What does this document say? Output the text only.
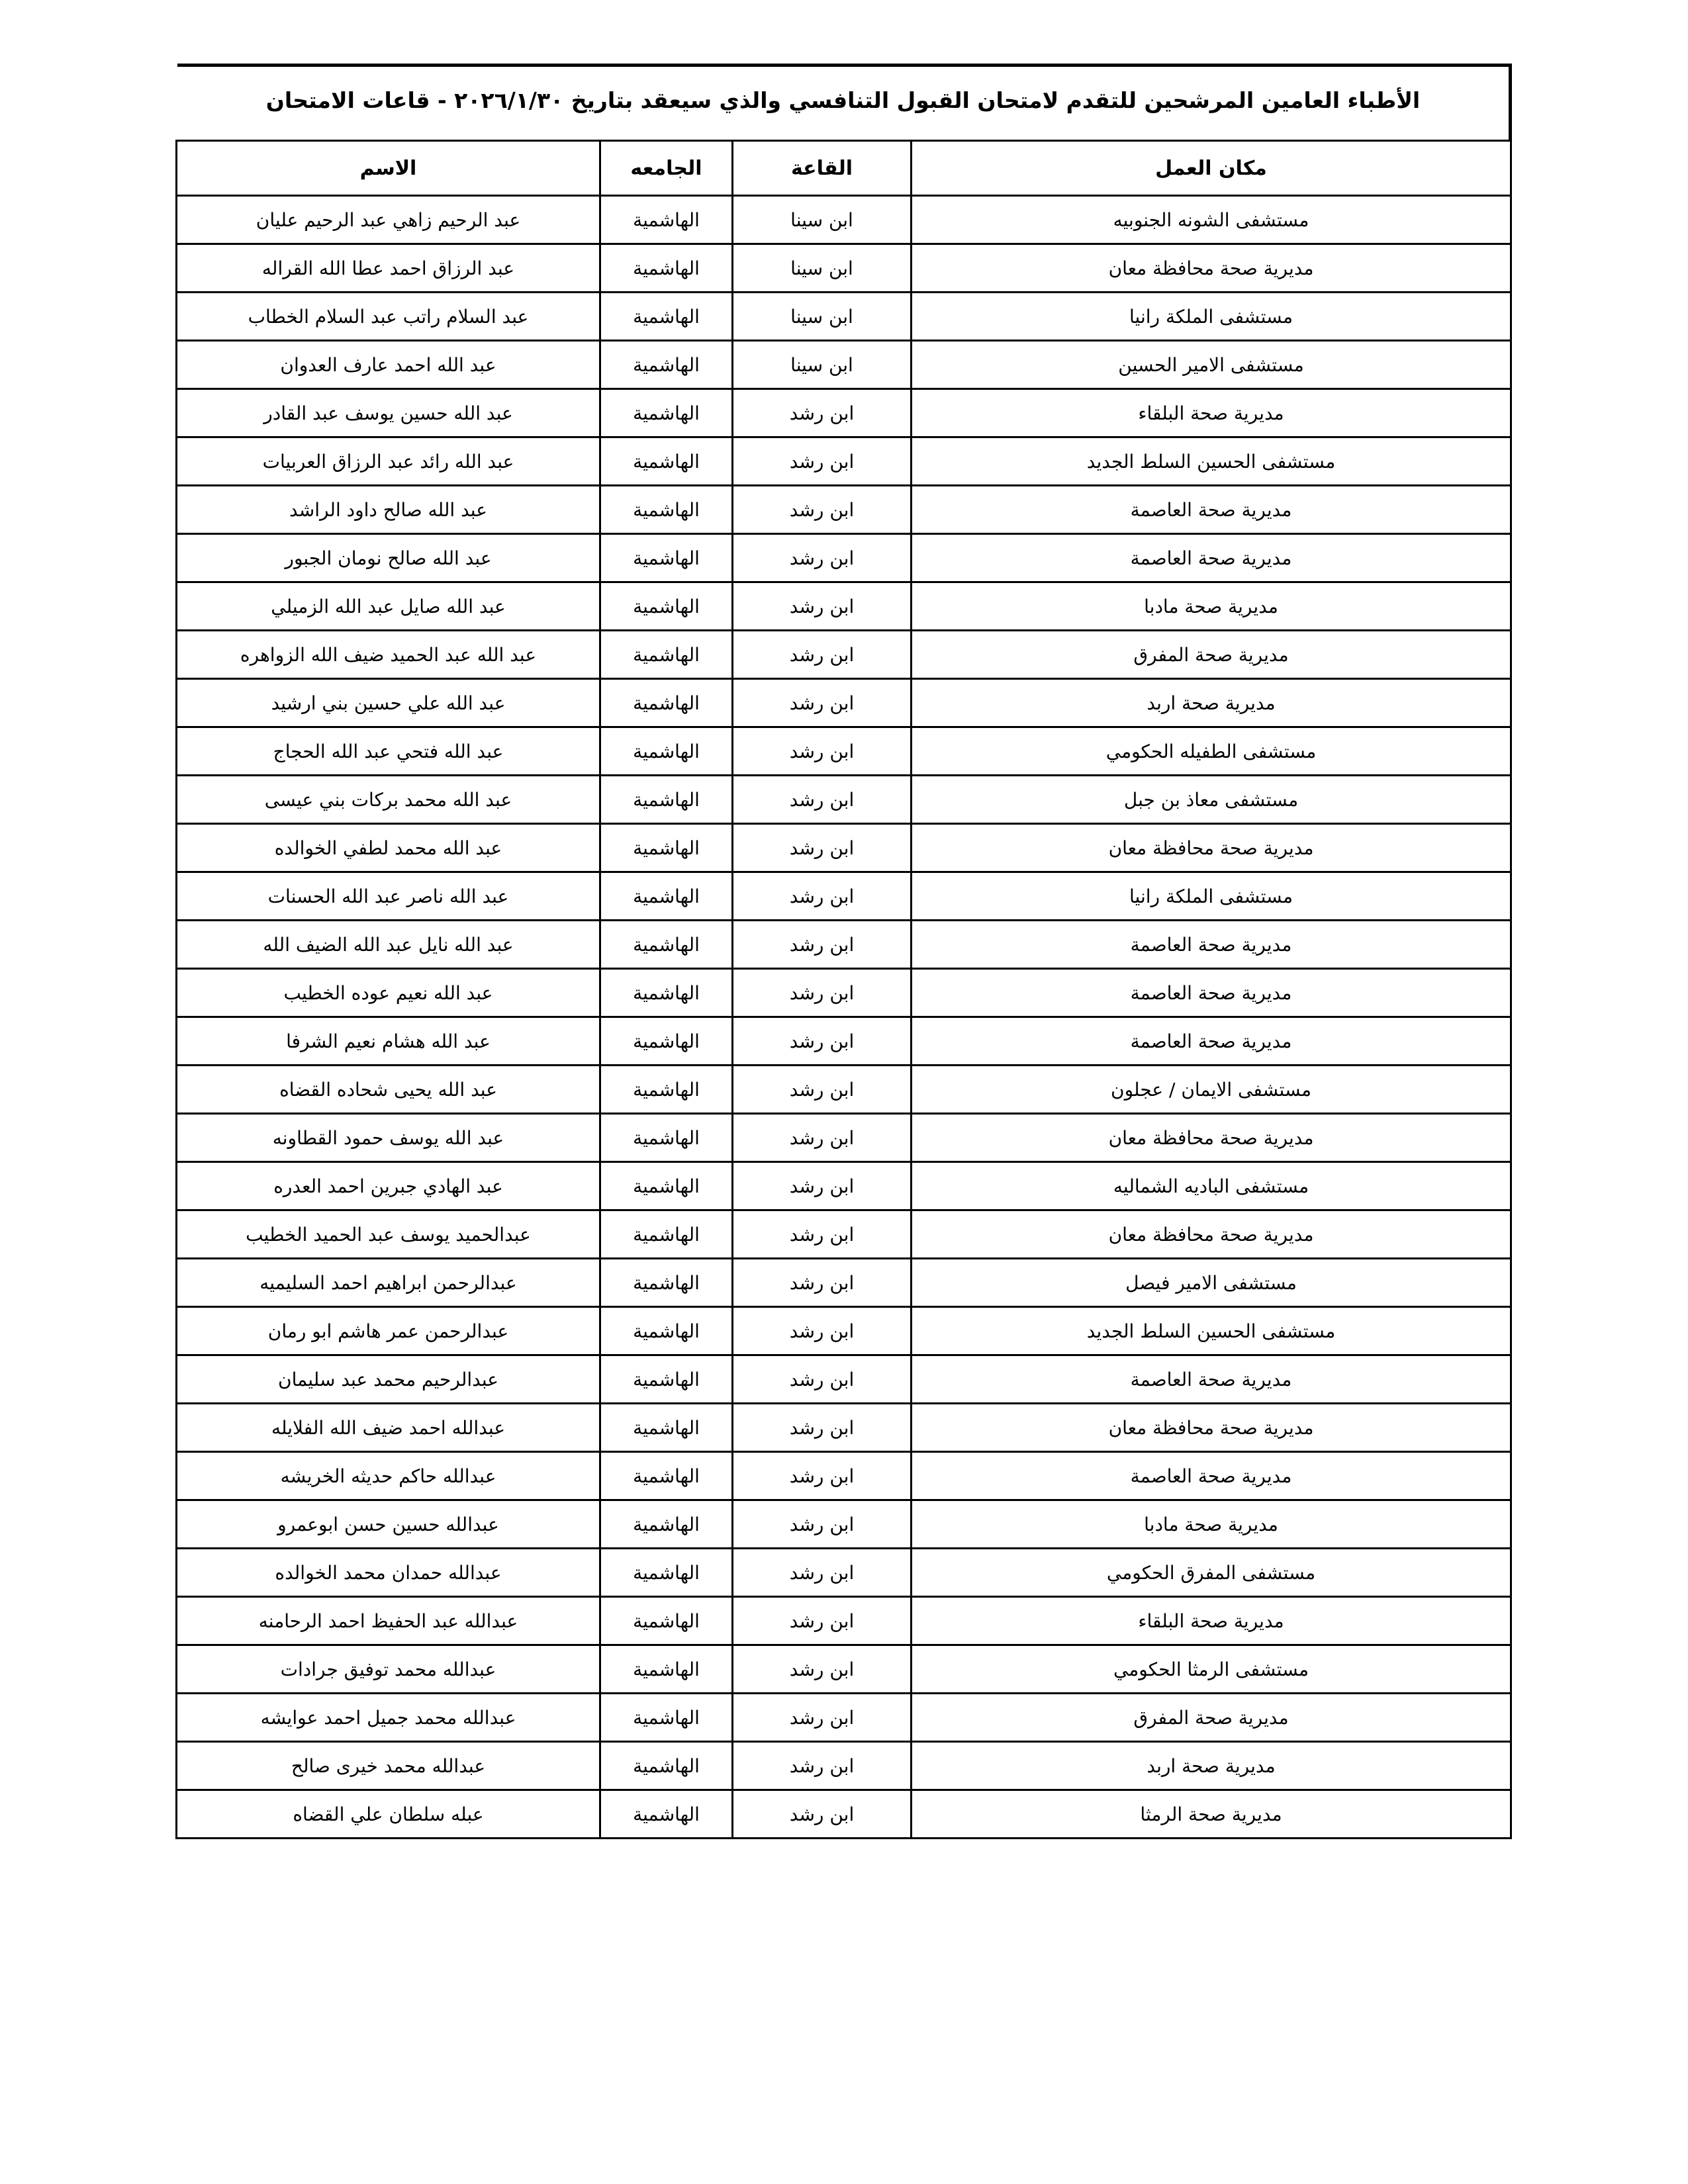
الأطباء العامين المرشحين للتقدم لامتحان القبول التنافسي والذي سيعقد بتاريخ ٢٠٢٦/١/٣٠ - قاعات الامتحان
مكان العمل	القاعة	الجامعه	الاسم
مستشفى الشونه الجنوبيه	ابن سينا	الهاشمية	عبد الرحيم زاهي عبد الرحيم عليان
مديرية صحة محافظة معان	ابن سينا	الهاشمية	عبد الرزاق احمد عطا الله القراله
مستشفى الملكة رانيا	ابن سينا	الهاشمية	عبد السلام راتب عبد السلام الخطاب
مستشفى الامير الحسين	ابن سينا	الهاشمية	عبد الله احمد عارف العدوان
مديرية صحة البلقاء	ابن رشد	الهاشمية	عبد الله حسين يوسف عبد القادر
مستشفى الحسين السلط الجديد	ابن رشد	الهاشمية	عبد الله رائد عبد الرزاق العربيات
مديرية صحة العاصمة	ابن رشد	الهاشمية	عبد الله صالح داود الراشد
مديرية صحة العاصمة	ابن رشد	الهاشمية	عبد الله صالح نومان الجبور
مديرية صحة مادبا	ابن رشد	الهاشمية	عبد الله صايل عبد الله الزميلي
مديرية صحة المفرق	ابن رشد	الهاشمية	عبد الله عبد الحميد ضيف الله الزواهره
مديرية صحة اربد	ابن رشد	الهاشمية	عبد الله علي حسين بني ارشيد
مستشفى الطفيله الحكومي	ابن رشد	الهاشمية	عبد الله فتحي عبد الله الحجاج
مستشفى معاذ بن جبل	ابن رشد	الهاشمية	عبد الله محمد بركات بني عيسى
مديرية صحة محافظة معان	ابن رشد	الهاشمية	عبد الله محمد لطفي الخوالده
مستشفى الملكة رانيا	ابن رشد	الهاشمية	عبد الله ناصر عبد الله الحسنات
مديرية صحة العاصمة	ابن رشد	الهاشمية	عبد الله نايل عبد الله الضيف الله
مديرية صحة العاصمة	ابن رشد	الهاشمية	عبد الله نعيم عوده الخطيب
مديرية صحة العاصمة	ابن رشد	الهاشمية	عبد الله هشام نعيم الشرفا
مستشفى الايمان / عجلون	ابن رشد	الهاشمية	عبد الله يحيى شحاده القضاه
مديرية صحة محافظة معان	ابن رشد	الهاشمية	عبد الله يوسف حمود القطاونه
مستشفى الباديه الشماليه	ابن رشد	الهاشمية	عبد الهادي جبرين احمد العدره
مديرية صحة محافظة معان	ابن رشد	الهاشمية	عبدالحميد يوسف عبد الحميد الخطيب
مستشفى الامير فيصل	ابن رشد	الهاشمية	عبدالرحمن ابراهيم احمد السليميه
مستشفى الحسين السلط الجديد	ابن رشد	الهاشمية	عبدالرحمن عمر هاشم ابو رمان
مديرية صحة العاصمة	ابن رشد	الهاشمية	عبدالرحيم محمد عبد سليمان
مديرية صحة محافظة معان	ابن رشد	الهاشمية	عبدالله احمد ضيف الله الفلايله
مديرية صحة العاصمة	ابن رشد	الهاشمية	عبدالله حاكم حديثه الخريشه
مديرية صحة مادبا	ابن رشد	الهاشمية	عبدالله حسين حسن ابوعمرو
مستشفى المفرق الحكومي	ابن رشد	الهاشمية	عبدالله حمدان محمد الخوالده
مديرية صحة البلقاء	ابن رشد	الهاشمية	عبدالله عبد الحفيظ احمد الرحامنه
مستشفى الرمثا الحكومي	ابن رشد	الهاشمية	عبدالله محمد توفيق جرادات
مديرية صحة المفرق	ابن رشد	الهاشمية	عبدالله محمد جميل احمد عوايشه
مديرية صحة اربد	ابن رشد	الهاشمية	عبدالله محمد خيرى صالح
مديرية صحة الرمثا	ابن رشد	الهاشمية	عبله سلطان علي القضاه
